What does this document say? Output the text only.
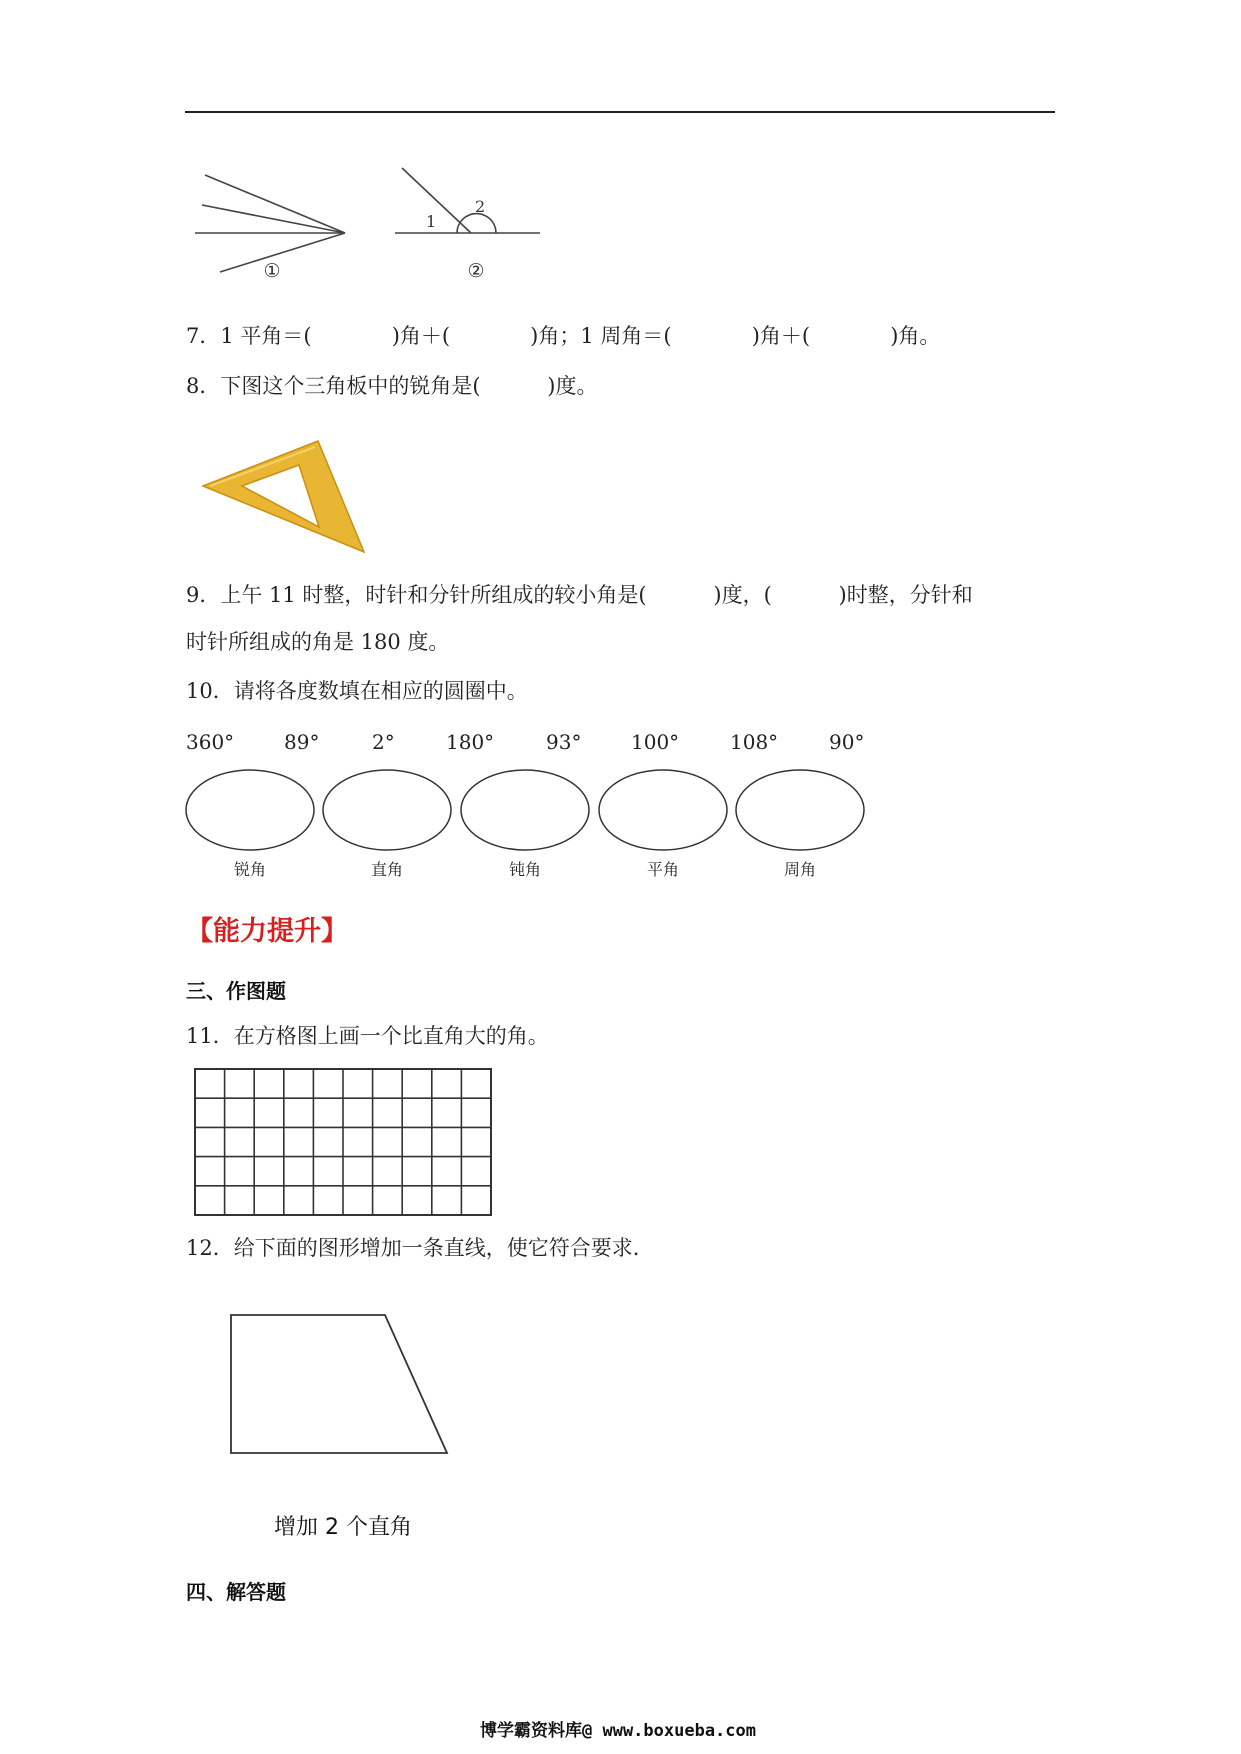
①	②
1
2
7．1 平角＝(            )角＋(            )角；1 周角＝(            )角＋(            )角。
8．下图这个三角板中的锐角是(          )度。
9．上午 11 时整，时针和分针所组成的较小角是(          )度，(          )时整，分针和
时针所组成的角是 180 度。
10．请将各度数填在相应的圆圈中。
360° 89°	2°	180°	93° 100°	108°	90°
锐角	直角	钝角	平角	周角
【能力提升】
三、作图题
11．在方格图上画一个比直角大的角。
12．给下面的图形增加一条直线，使它符合要求.
增加 2 个直角
四、解答题
博学霸资料库@ www.boxueba.com
